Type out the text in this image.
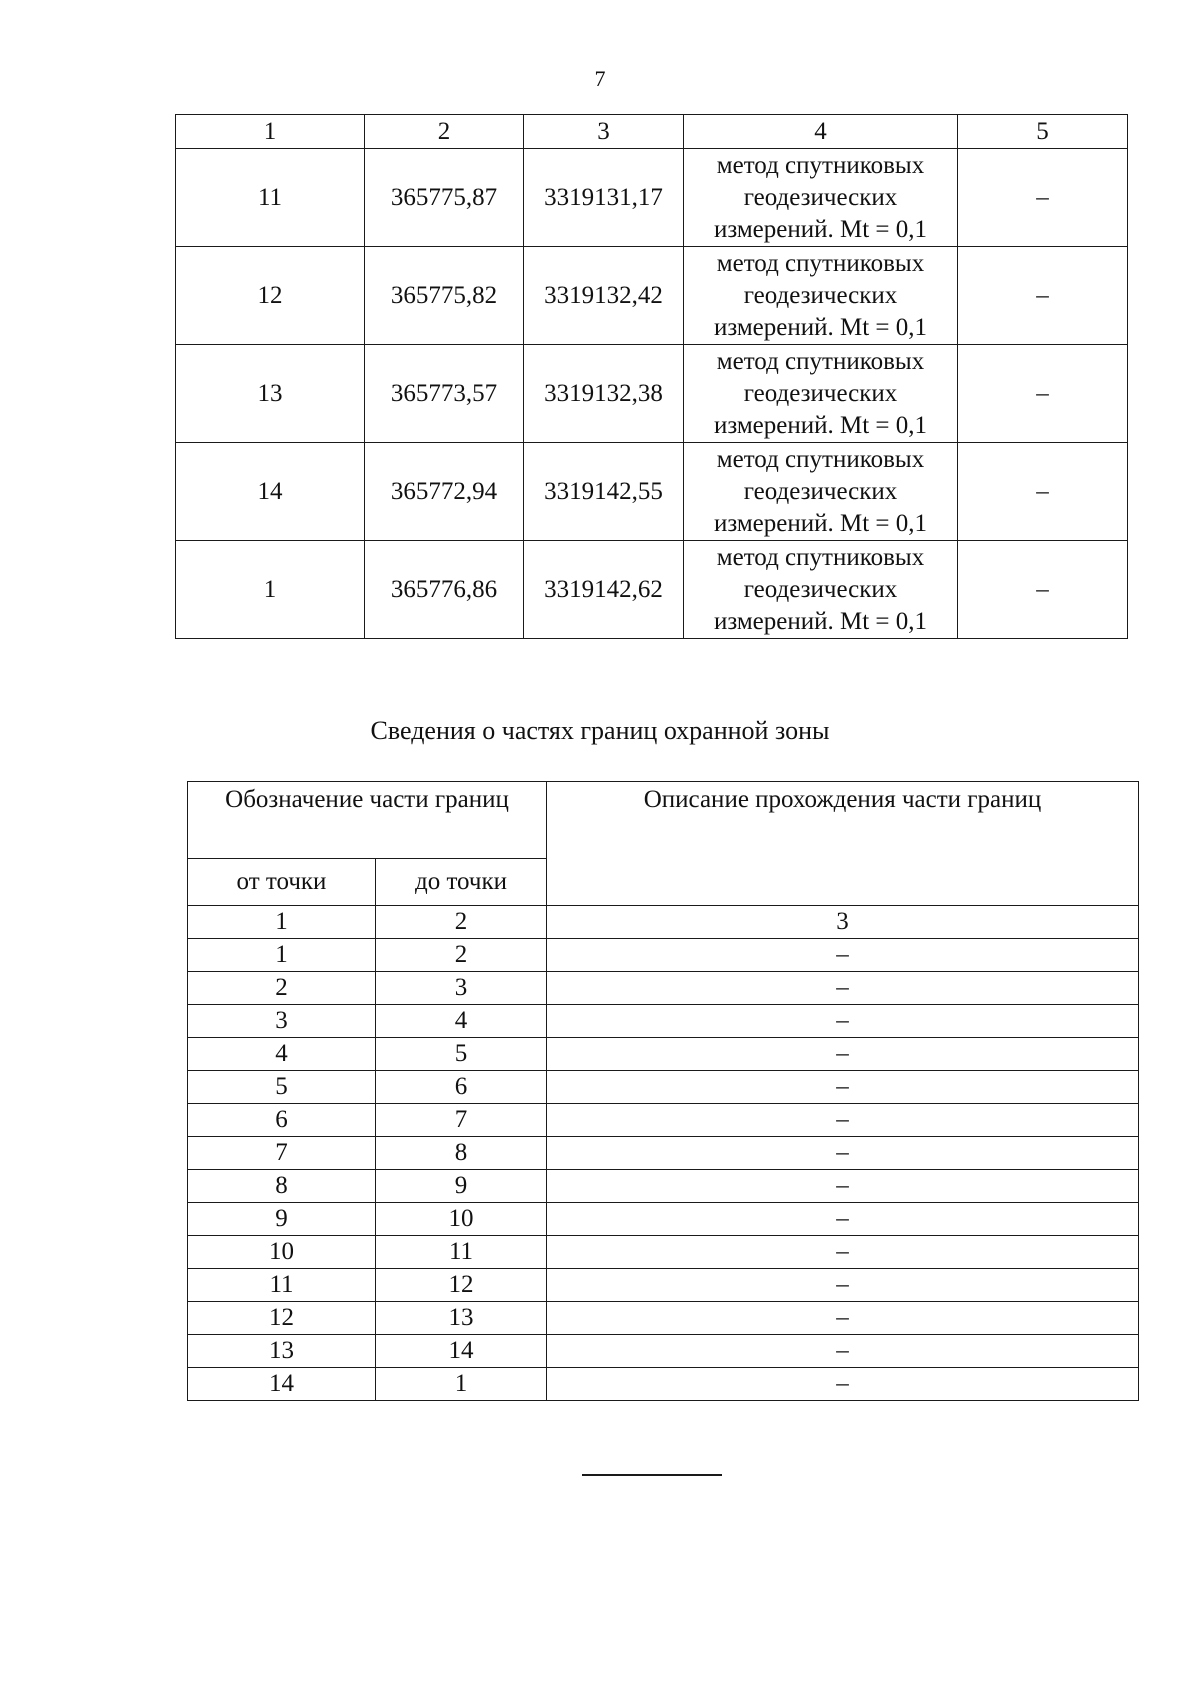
7
1	2	3	4	5
11	365775,87	3319131,17	метод спутниковых
геодезических
измерений. Mt = 0,1	–
12	365775,82	3319132,42	метод спутниковых
геодезических
измерений. Mt = 0,1	–
13	365773,57	3319132,38	метод спутниковых
геодезических
измерений. Mt = 0,1	–
14	365772,94	3319142,55	метод спутниковых
геодезических
измерений. Mt = 0,1	–
1	365776,86	3319142,62	метод спутниковых
геодезических
измерений. Mt = 0,1	–
Сведения о частях границ охранной зоны
Обозначение части границ		Описание прохождения части границ
от точки	до точки	
1	2	3
1	2	–
2	3	–
3	4	–
4	5	–
5	6	–
6	7	–
7	8	–
8	9	–
9	10	–
10	11	–
11	12	–
12	13	–
13	14	–
14	1	–
